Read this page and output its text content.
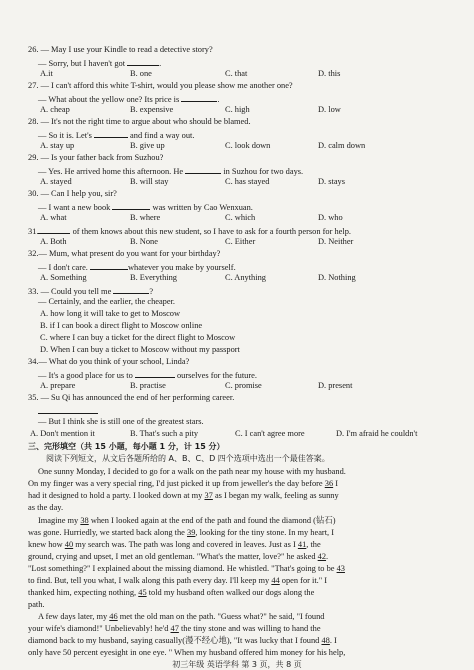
26. — May I use your Kindle to read a detective story?
— Sorry, but I haven't got	.
A.it	B. one	C. that	D. this
27. — I can't afford this white T-shirt, would you please show me another one?
— What about the yellow one? Its price is	.
A. cheap	B. expensive	C. high	D. low
28. — It's not the right time to argue about who should be blamed.
— So it is. Let's	and find a way out.
A. stay up	B. give up	C. look down	D. calm down
29. — Is your father back from Suzhou?
— Yes. He arrived home this afternoon. He	in Suzhou for two days.
A. stayed	B. will stay	C. has stayed	D. stays
30. — Can I help you, sir?
— I want a new book	was written by Cao Wenxuan.
A. what	B. where	C. which	D. who
31.	of them knows about this new student, so I have to ask for a fourth person for help.
A. Both	B. None	C. Either	D. Neither
32.— Mum, what present do you want for your birthday?
— I don't care.	whatever you make by yourself.
A. Something	B. Everything	C. Anything	D. Nothing
33. — Could you tell me	?
— Certainly, and the earlier, the cheaper.
A. how long it will take to get to Moscow
B. if I can book a direct flight to Moscow online
C. where I can buy a ticket for the direct flight to Moscow
D. When I can buy a ticket to Moscow without my passport
34.— What do you think of your school, Linda?
— It's a good place for us to	ourselves for the future.
A. prepare	B. practise	C. promise	D. present
35. — Su Qi has announced the end of her performing career.
— But I think she is still one of the greatest stars.
A. Don't mention it	B. That's such a pity	C. I can't agree more	D. I'm afraid he couldn't
三、完形填空（共 15 小题，每小题 1 分，计 15 分）
阅读下列短文，从文后各题所给的 A、B、C、D 四个选项中选出一个最佳答案。
One sunny Monday, I decided to go for a walk on the path near my house with my husband.
On my finger was a very special ring, I'd just picked it up from jeweller's the day before 36 I
had it designed to hold a party. I looked down at my 37 as I began my walk, feeling as sunny
as the day.
Imagine my 38 when I looked again at the end of the path and found the diamond (钻石)
was gone. Hurriedly, we started back along the 39, looking for the tiny stone. In my heart, I
knew how 40 my search was. The path was long and covered in leaves. Just as I 41, the
ground, crying and upset, I met an old gentleman. "What's the matter, love?" he asked 42.
"Lost something?" I explained about the missing diamond. He whistled. "That's going to be 43
to find. But, tell you what, I walk along this path every day. I'll keep my 44 open for it." I
thanked him, expecting nothing, 45 told my husband often walked our dogs along the
path.
A few days later, my 46 met the old man on the path. "Guess what?" he said, "I found
your wife's diamond!" Unbelievably! he'd 47 the tiny stone and was willing to hand the
diamond back to my husband, saying casually(漫不经心地), "It was lucky that I found 48. I
only have 50 percent eyesight in one eye. " When my husband offered him money for his help,
初三年级 英语学科 第 3 页，共 8 页
